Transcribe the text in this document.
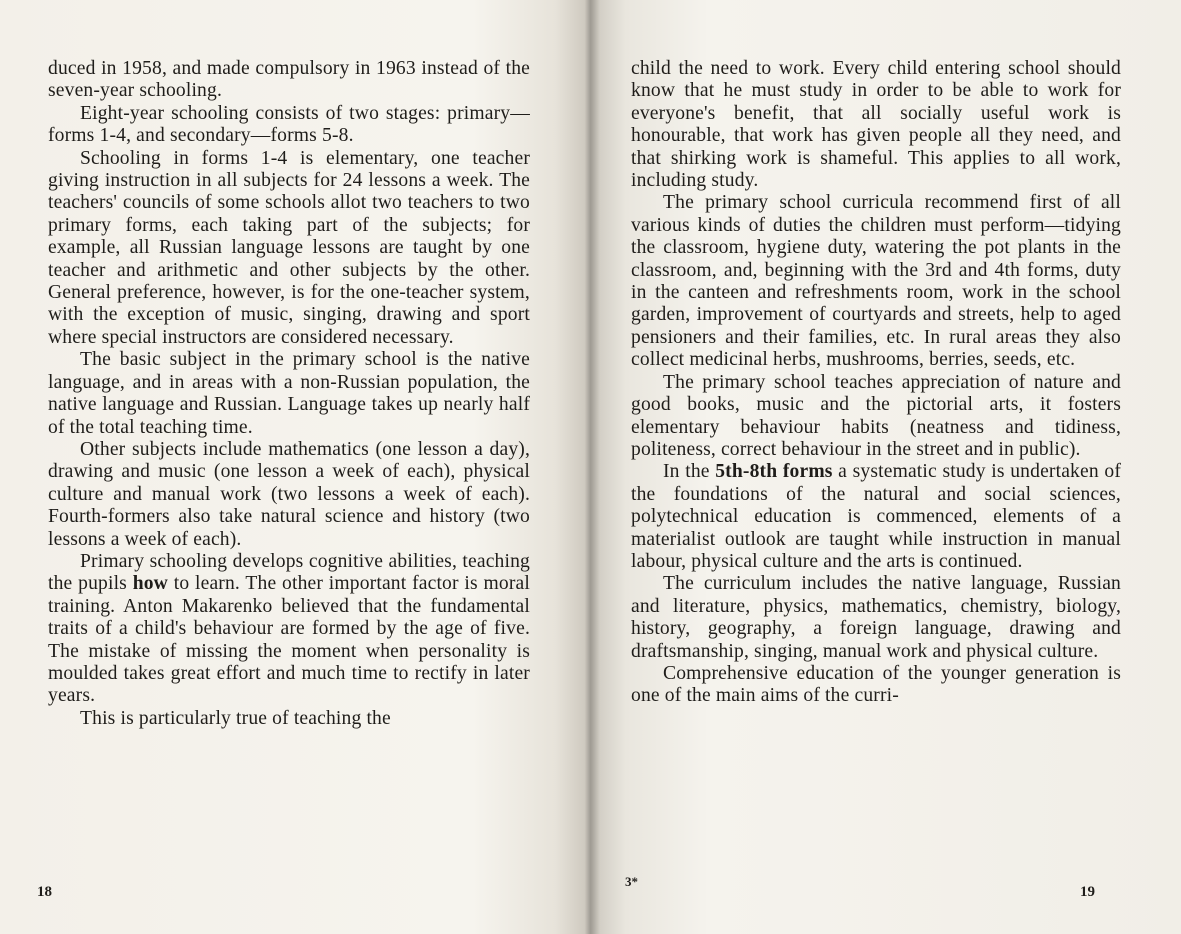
duced in 1958, and made compulsory in 1963 instead of the seven-year schooling.

Eight-year schooling consists of two stages: primary—forms 1-4, and secondary—forms 5-8.

Schooling in forms 1-4 is elementary, one teacher giving instruction in all subjects for 24 lessons a week. The teachers' councils of some schools allot two teachers to two primary forms, each taking part of the subjects; for example, all Russian language lessons are taught by one teacher and arithmetic and other subjects by the other. General preference, however, is for the one-teacher system, with the exception of music, singing, drawing and sport where special instructors are considered necessary.

The basic subject in the primary school is the native language, and in areas with a non-Russian population, the native language and Russian. Language takes up nearly half of the total teaching time.

Other subjects include mathematics (one lesson a day), drawing and music (one lesson a week of each), physical culture and manual work (two lessons a week of each). Fourth-formers also take natural science and history (two lessons a week of each).

Primary schooling develops cognitive abilities, teaching the pupils how to learn. The other important factor is moral training. Anton Makarenko believed that the fundamental traits of a child's behaviour are formed by the age of five. The mistake of missing the moment when personality is moulded takes great effort and much time to rectify in later years.

This is particularly true of teaching the

18

child the need to work. Every child entering school should know that he must study in order to be able to work for everyone's benefit, that all socially useful work is honourable, that work has given people all they need, and that shirking work is shameful. This applies to all work, including study.

The primary school curricula recommend first of all various kinds of duties the children must perform—tidying the classroom, hygiene duty, watering the pot plants in the classroom, and, beginning with the 3rd and 4th forms, duty in the canteen and refreshments room, work in the school garden, improvement of courtyards and streets, help to aged pensioners and their families, etc. In rural areas they also collect medicinal herbs, mushrooms, berries, seeds, etc.

The primary school teaches appreciation of nature and good books, music and the pictorial arts, it fosters elementary behaviour habits (neatness and tidiness, politeness, correct behaviour in the street and in public).

In the 5th-8th forms a systematic study is undertaken of the foundations of the natural and social sciences, polytechnical education is commenced, elements of a materialist outlook are taught while instruction in manual labour, physical culture and the arts is continued.

The curriculum includes the native language, Russian and literature, physics, mathematics, chemistry, biology, history, geography, a foreign language, drawing and draftsmanship, singing, manual work and physical culture.

Comprehensive education of the younger generation is one of the main aims of the curri-

3*
19
